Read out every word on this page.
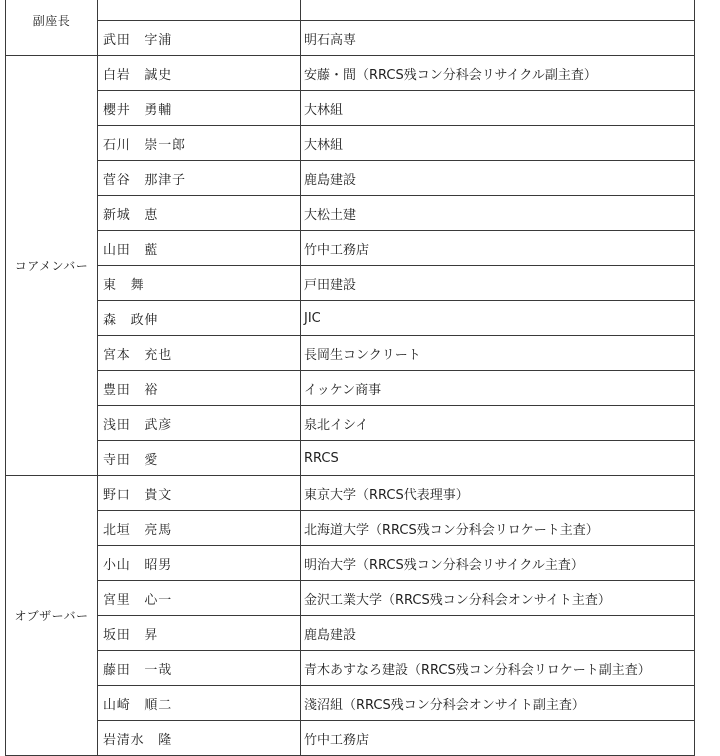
副座長		
	武田　字浦	明石高専
コアメンバー	白岩　誠史	安藤・間（RRCS残コン分科会リサイクル副主査）
	櫻井　勇輔	大林組
	石川　崇一郎	大林組
	菅谷　那津子	鹿島建設
	新城　恵	大松土建
	山田　藍	竹中工務店
	東　舞	戸田建設
	森　政伸	JIC
	宮本　充也	長岡生コンクリート
	豊田　裕	イッケン商事
	浅田　武彦	泉北イシイ
	寺田　愛	RRCS
オブザーバー	野口　貴文	東京大学（RRCS代表理事）
	北垣　亮馬	北海道大学（RRCS残コン分科会リロケート主査）
	小山　昭男	明治大学（RRCS残コン分科会リサイクル主査）
	宮里　心一	金沢工業大学（RRCS残コン分科会オンサイト主査）
	坂田　昇	鹿島建設
	藤田　一哉	青木あすなろ建設（RRCS残コン分科会リロケート副主査）
	山崎　順二	淺沼組（RRCS残コン分科会オンサイト副主査）
	岩清水　隆	竹中工務店
